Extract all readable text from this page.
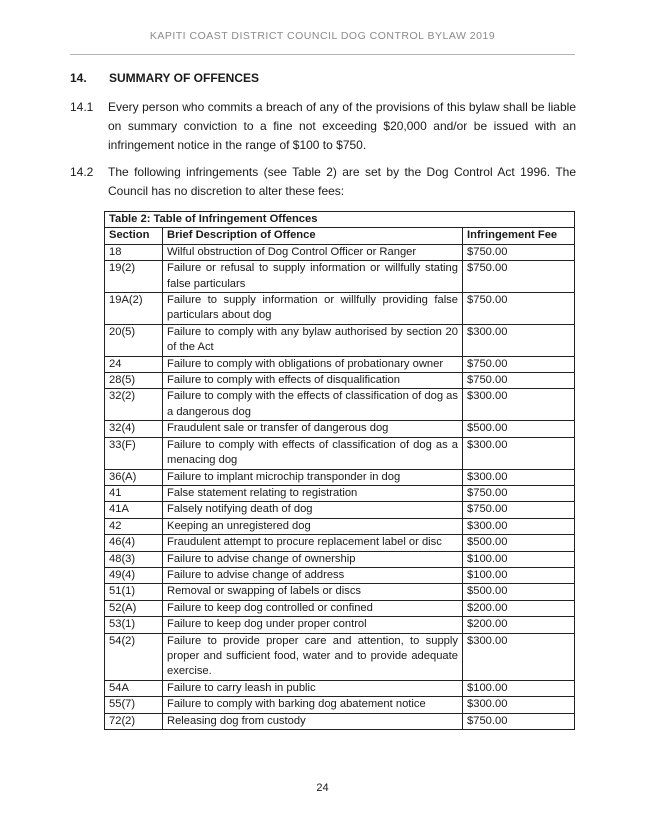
KAPITI COAST DISTRICT COUNCIL DOG CONTROL BYLAW 2019
14. SUMMARY OF OFFENCES
14.1 Every person who commits a breach of any of the provisions of this bylaw shall be liable on summary conviction to a fine not exceeding $20,000 and/or be issued with an infringement notice in the range of $100 to $750.
14.2 The following infringements (see Table 2) are set by the Dog Control Act 1996. The Council has no discretion to alter these fees:
Table 2: Table of Infringement Offences		
Section	Brief Description of Offence	Infringement Fee
18	Wilful obstruction of Dog Control Officer or Ranger	$750.00
19(2)	Failure or refusal to supply information or willfully stating false particulars	$750.00
19A(2)	Failure to supply information or willfully providing false particulars about dog	$750.00
20(5)	Failure to comply with any bylaw authorised by section 20 of the Act	$300.00
24	Failure to comply with obligations of probationary owner	$750.00
28(5)	Failure to comply with effects of disqualification	$750.00
32(2)	Failure to comply with the effects of classification of dog as a dangerous dog	$300.00
32(4)	Fraudulent sale or transfer of dangerous dog	$500.00
33(F)	Failure to comply with effects of classification of dog as a menacing dog	$300.00
36(A)	Failure to implant microchip transponder in dog	$300.00
41	False statement relating to registration	$750.00
41A	Falsely notifying death of dog	$750.00
42	Keeping an unregistered dog	$300.00
46(4)	Fraudulent attempt to procure replacement label or disc	$500.00
48(3)	Failure to advise change of ownership	$100.00
49(4)	Failure to advise change of address	$100.00
51(1)	Removal or swapping of labels or discs	$500.00
52(A)	Failure to keep dog controlled or confined	$200.00
53(1)	Failure to keep dog under proper control	$200.00
54(2)	Failure to provide proper care and attention, to supply proper and sufficient food, water and to provide adequate exercise.	$300.00
54A	Failure to carry leash in public	$100.00
55(7)	Failure to comply with barking dog abatement notice	$300.00
72(2)	Releasing dog from custody	$750.00
24
